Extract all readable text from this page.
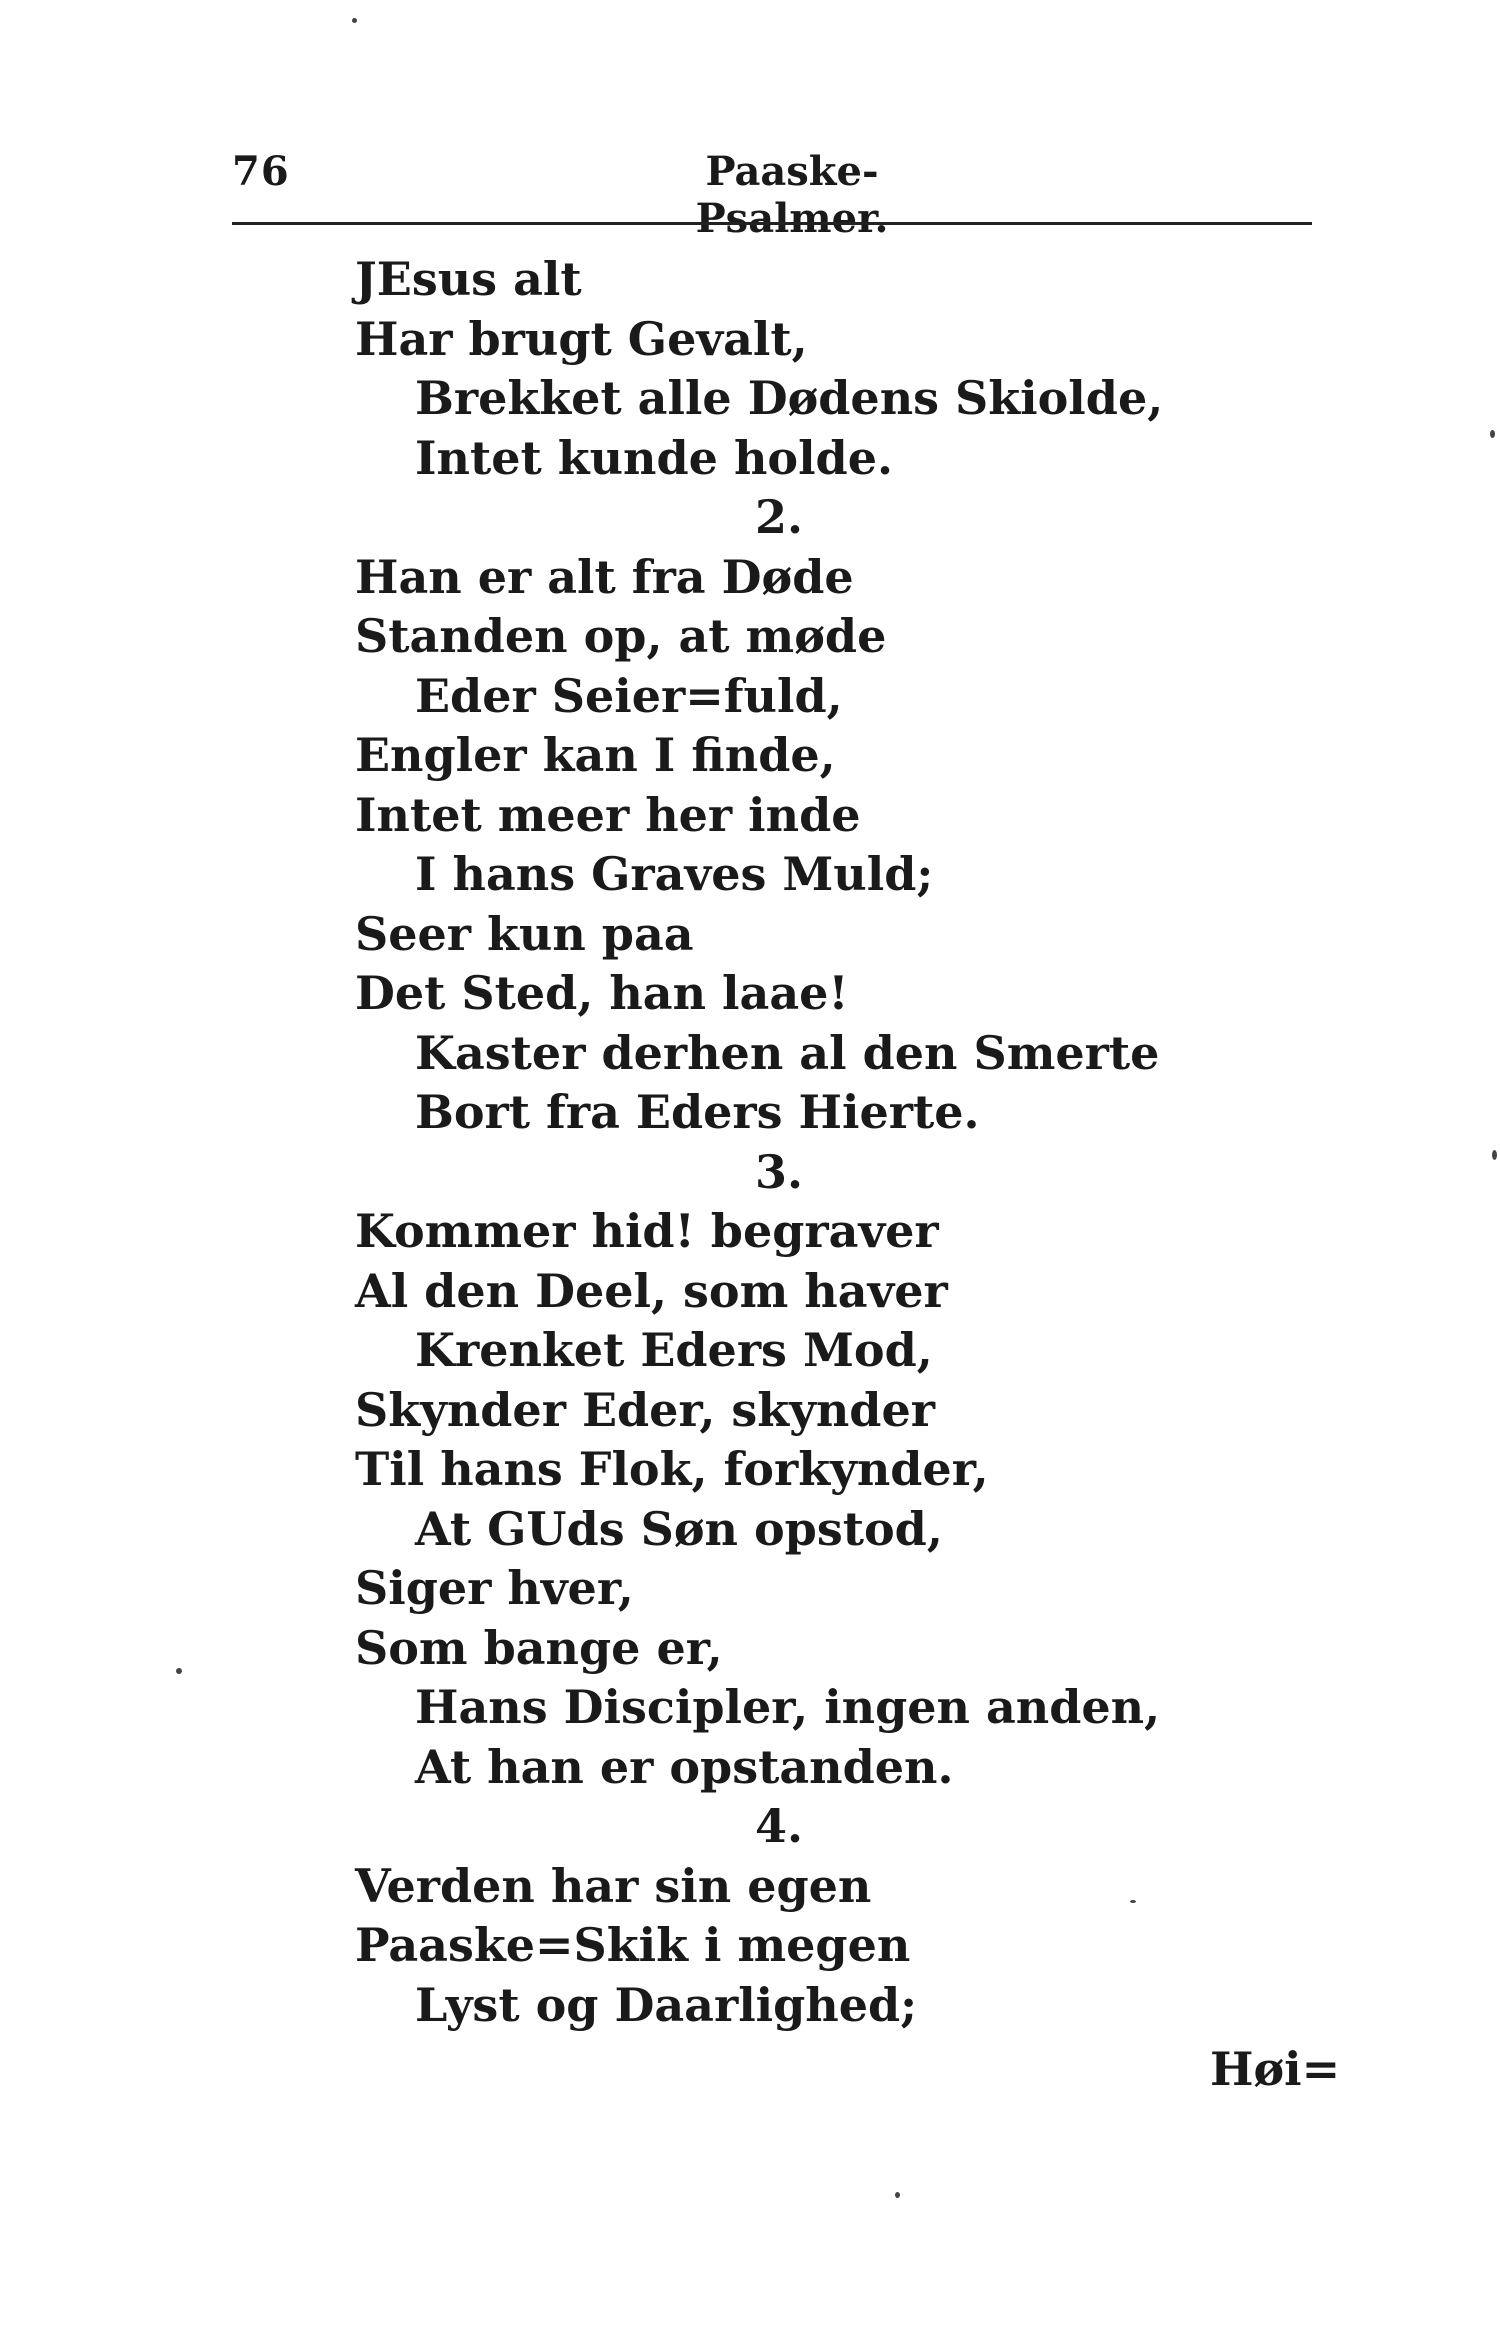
76	Paaske-Psalmer.
JEsus alt
Har brugt Gevalt,
Brekket alle Dødens Skiolde,
Intet kunde holde.
2.
Han er alt fra Døde
Standen op, at møde
Eder Seier=fuld,
Engler kan I finde,
Intet meer her inde
I hans Graves Muld;
Seer kun paa
Det Sted, han laae!
Kaster derhen al den Smerte
Bort fra Eders Hierte.
3.
Kommer hid! begraver
Al den Deel, som haver
Krenket Eders Mod,
Skynder Eder, skynder
Til hans Flok, forkynder,
At GUds Søn opstod,
Siger hver,
Som bange er,
Hans Discipler, ingen anden,
At han er opstanden.
4.
Verden har sin egen
Paaske=Skik i megen
Lyst og Daarlighed;
Høi=
